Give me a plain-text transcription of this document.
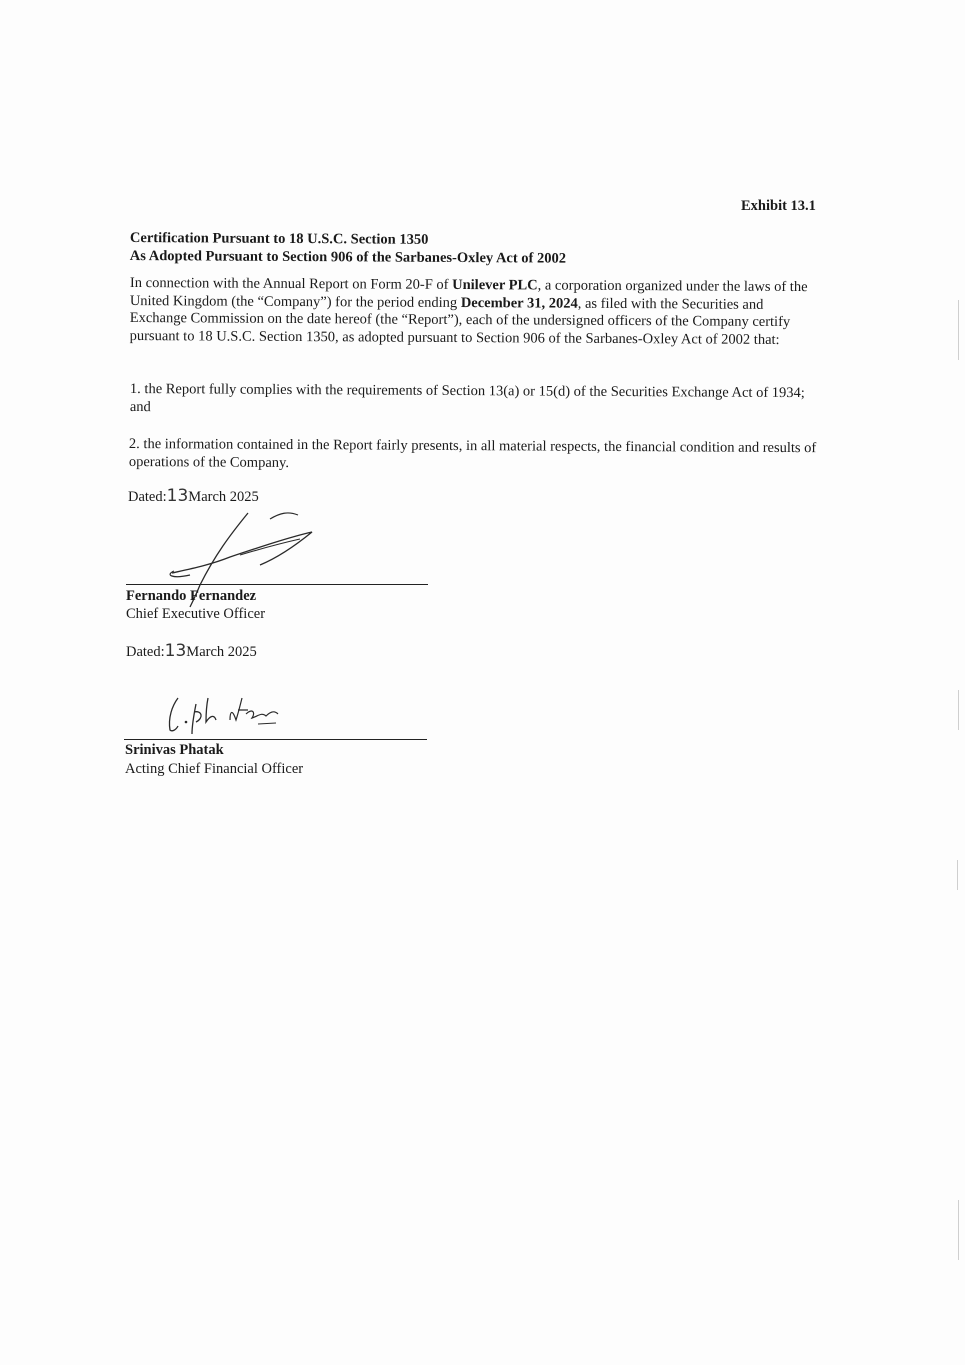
Exhibit 13.1
Certification Pursuant to 18 U.S.C. Section 1350
As Adopted Pursuant to Section 906 of the Sarbanes-Oxley Act of 2002
In connection with the Annual Report on Form 20-F of Unilever PLC, a corporation organized under the laws of the United Kingdom (the “Company”) for the period ending December 31, 2024, as filed with the Securities and Exchange Commission on the date hereof (the “Report”), each of the undersigned officers of the Company certify pursuant to 18 U.S.C. Section 1350, as adopted pursuant to Section 906 of the Sarbanes-Oxley Act of 2002 that:
1. the Report fully complies with the requirements of Section 13(a) or 15(d) of the Securities Exchange Act of 1934; and
2. the information contained in the Report fairly presents, in all material respects, the financial condition and results of operations of the Company.
Dated:13March 2025
Fernando Fernandez
Chief Executive Officer
Dated:13March 2025
Srinivas Phatak
Acting Chief Financial Officer
